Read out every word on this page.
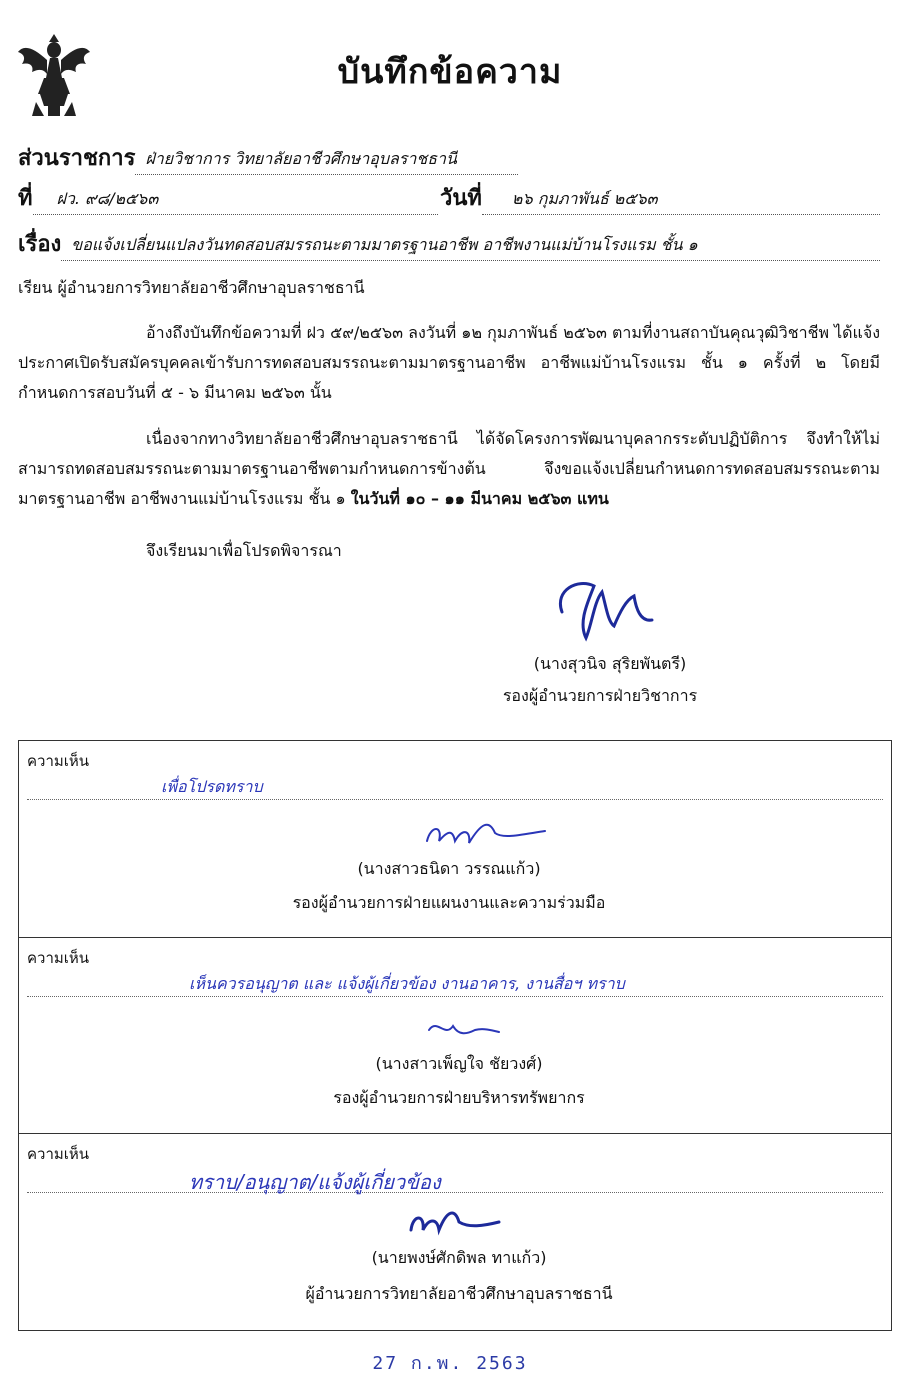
บันทึกข้อความ
ส่วนราชการ ฝ่ายวิชาการ วิทยาลัยอาชีวศึกษาอุบลราชธานี
ที่	ฝว. ๙๘/๒๕๖๓	วันที่	๒๖ กุมภาพันธ์ ๒๕๖๓
เรื่อง ขอแจ้งเปลี่ยนแปลงวันทดสอบสมรรถนะตามมาตรฐานอาชีพ อาชีพงานแม่บ้านโรงแรม ชั้น ๑
เรียน ผู้อำนวยการวิทยาลัยอาชีวศึกษาอุบลราชธานี
อ้างถึงบันทึกข้อความที่ ฝว ๕๙/๒๕๖๓ ลงวันที่ ๑๒ กุมภาพันธ์ ๒๕๖๓ ตามที่งานสถาบันคุณวุฒิวิชาชีพ ได้แจ้งประกาศเปิดรับสมัครบุคคลเข้ารับการทดสอบสมรรถนะตามมาตรฐานอาชีพ อาชีพแม่บ้านโรงแรม ชั้น ๑ ครั้งที่ ๒ โดยมีกำหนดการสอบวันที่ ๕ - ๖ มีนาคม ๒๕๖๓ นั้น
เนื่องจากทางวิทยาลัยอาชีวศึกษาอุบลราชธานี ได้จัดโครงการพัฒนาบุคลากรระดับปฏิบัติการ จึงทำให้ไม่สามารถทดสอบสมรรถนะตามมาตรฐานอาชีพตามกำหนดการข้างต้น จึงขอแจ้งเปลี่ยนกำหนดการทดสอบสมรรถนะตามมาตรฐานอาชีพ อาชีพงานแม่บ้านโรงแรม ชั้น ๑ ในวันที่ ๑๐ – ๑๑ มีนาคม ๒๕๖๓ แทน
จึงเรียนมาเพื่อโปรดพิจารณา
(นางสุวนิจ สุริยพันตรี)
รองผู้อำนวยการฝ่ายวิชาการ
ความเห็น
เพื่อโปรดทราบ
(นางสาวธนิดา วรรณแก้ว)
รองผู้อำนวยการฝ่ายแผนงานและความร่วมมือ
ความเห็น
เห็นควรอนุญาต และ แจ้งผู้เกี่ยวข้อง งานอาคาร, งานสื่อฯ ทราบ
(นางสาวเพ็ญใจ ชัยวงศ์)
รองผู้อำนวยการฝ่ายบริหารทรัพยากร
ความเห็น
ทราบ/อนุญาต/แจ้งผู้เกี่ยวข้อง
(นายพงษ์ศักดิพล ทาแก้ว)
ผู้อำนวยการวิทยาลัยอาชีวศึกษาอุบลราชธานี
27 ก.พ. 2563
